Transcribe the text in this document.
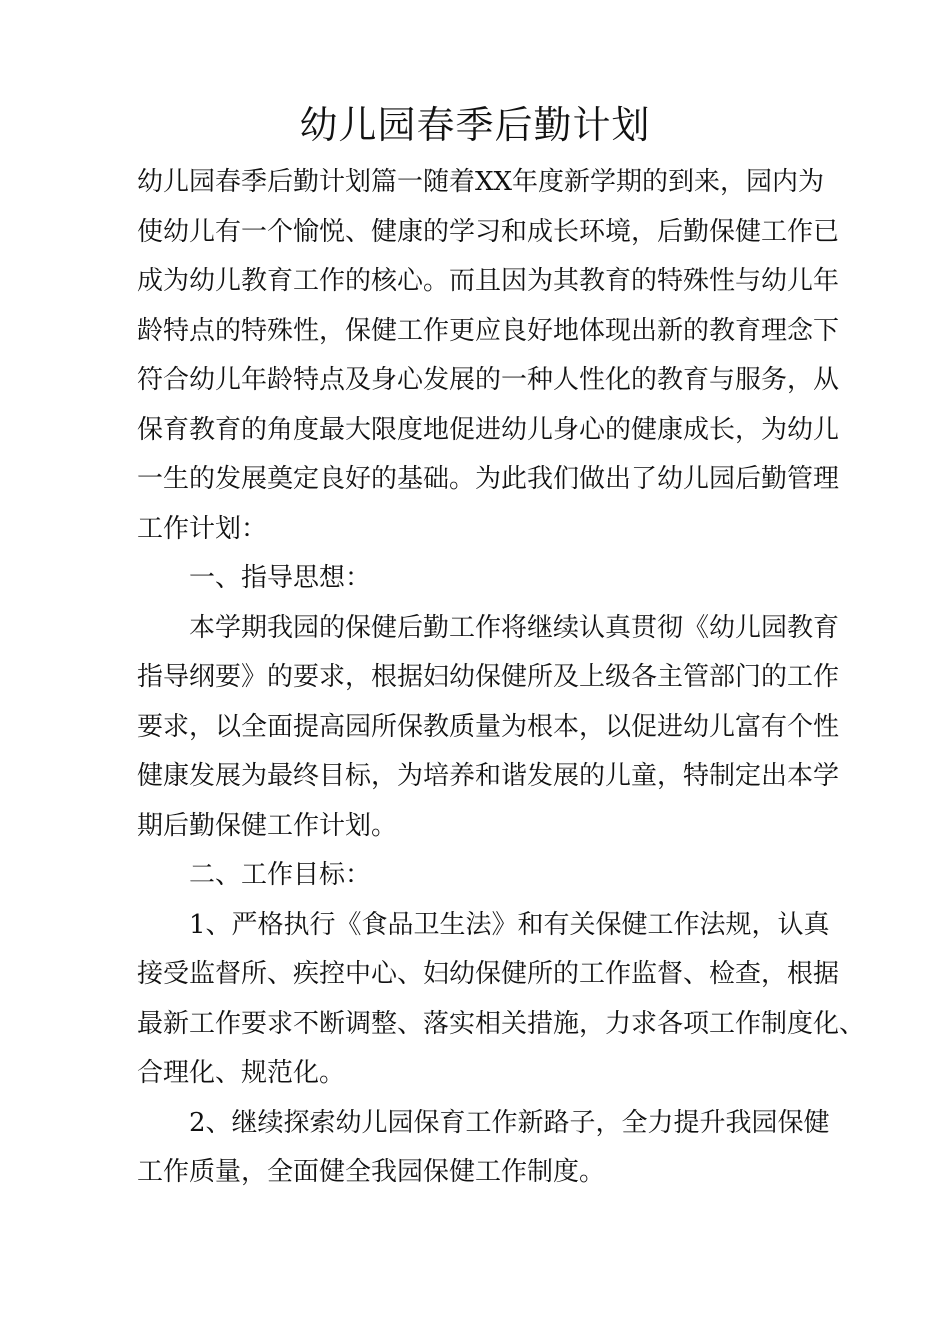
幼儿园春季后勤计划
幼儿园春季后勤计划篇一随着XX年度新学期的到来，园内为
使幼儿有一个愉悦、健康的学习和成长环境，后勤保健工作已
成为幼儿教育工作的核心。而且因为其教育的特殊性与幼儿年
龄特点的特殊性，保健工作更应良好地体现出新的教育理念下
符合幼儿年龄特点及身心发展的一种人性化的教育与服务，从
保育教育的角度最大限度地促进幼儿身心的健康成长，为幼儿
一生的发展奠定良好的基础。为此我们做出了幼儿园后勤管理
工作计划：
一、指导思想：
本学期我园的保健后勤工作将继续认真贯彻《幼儿园教育
指导纲要》的要求，根据妇幼保健所及上级各主管部门的工作
要求，以全面提高园所保教质量为根本，以促进幼儿富有个性
健康发展为最终目标，为培养和谐发展的儿童，特制定出本学
期后勤保健工作计划。
二、工作目标：
1、严格执行《食品卫生法》和有关保健工作法规，认真
接受监督所、疾控中心、妇幼保健所的工作监督、检查，根据
最新工作要求不断调整、落实相关措施，力求各项工作制度化、
合理化、规范化。
2、继续探索幼儿园保育工作新路子，全力提升我园保健
工作质量，全面健全我园保健工作制度。
